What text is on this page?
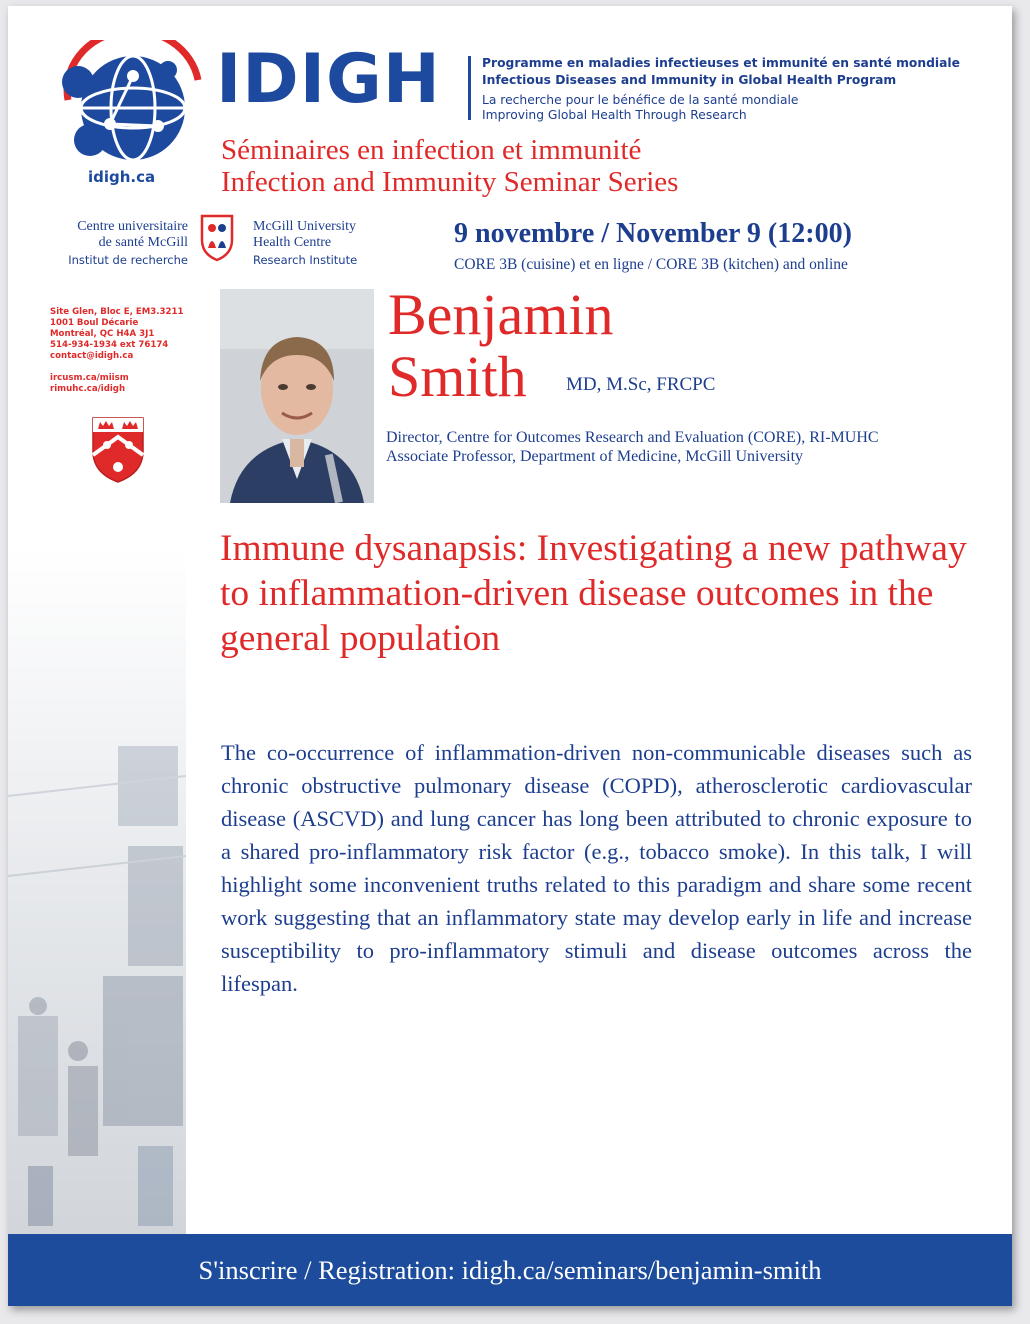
IDIGH
idigh.ca
Programme en maladies infectieuses et immunité en santé mondiale
Infectious Diseases and Immunity in Global Health Program
La recherche pour le bénéfice de la santé mondiale
Improving Global Health Through Research
Séminaires en infection et immunité
Infection and Immunity Seminar Series
Centre universitaire
de santé McGill
Institut de recherche
McGill University
Health Centre
Research Institute
Site Glen, Bloc E, EM3.3211
1001 Boul Décarie
Montréal, QC H4A 3J1
514-934-1934 ext 76174
contact@idigh.ca
ircusm.ca/miism
rimuhc.ca/idigh
9 novembre / November 9 (12:00)
CORE 3B (cuisine) et en ligne / CORE 3B (kitchen) and online
Benjamin
Smith MD, M.Sc, FRCPC
Director, Centre for Outcomes Research and Evaluation (CORE), RI-MUHC
Associate Professor, Department of Medicine, McGill University
Immune dysanapsis: Investigating a new pathway to inflammation-driven disease outcomes in the general population
The co-occurrence of inflammation-driven non-communicable diseases such as chronic obstructive pulmonary disease (COPD), atherosclerotic cardiovascular disease (ASCVD) and lung cancer has long been attributed to chronic exposure to a shared pro-inflammatory risk factor (e.g., tobacco smoke). In this talk, I will highlight some inconvenient truths related to this paradigm and share some recent work suggesting that an inflammatory state may develop early in life and increase susceptibility to pro-inflammatory stimuli and disease outcomes across the lifespan.
S'inscrire / Registration: idigh.ca/seminars/benjamin-smith
